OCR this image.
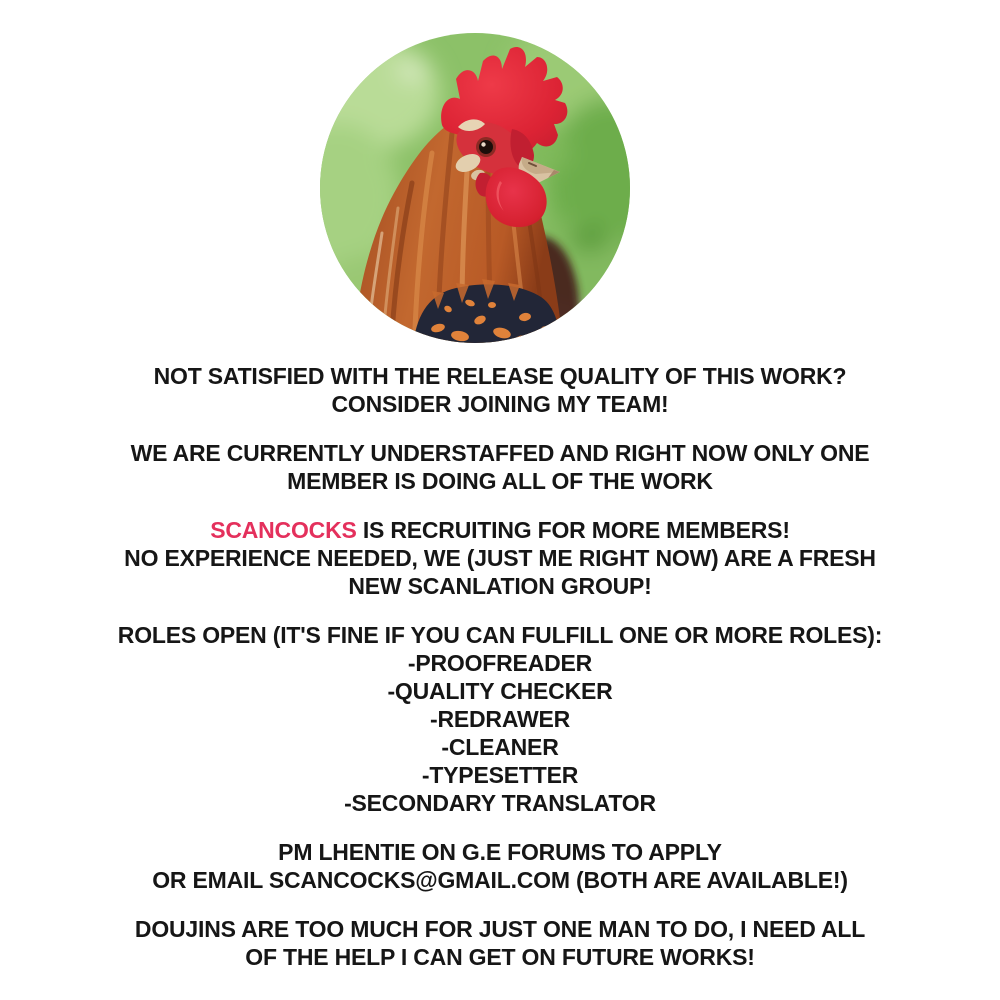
NOT SATISFIED WITH THE RELEASE QUALITY OF THIS WORK?
CONSIDER JOINING MY TEAM!

WE ARE CURRENTLY UNDERSTAFFED AND RIGHT NOW ONLY ONE
MEMBER IS DOING ALL OF THE WORK

SCANCOCKS IS RECRUITING FOR MORE MEMBERS!
NO EXPERIENCE NEEDED, WE (JUST ME RIGHT NOW) ARE A FRESH
NEW SCANLATION GROUP!

ROLES OPEN (IT'S FINE IF YOU CAN FULFILL ONE OR MORE ROLES):
-PROOFREADER
-QUALITY CHECKER
-REDRAWER
-CLEANER
-TYPESETTER
-SECONDARY TRANSLATOR

PM LHENTIE ON G.E FORUMS TO APPLY
OR EMAIL SCANCOCKS@GMAIL.COM (BOTH ARE AVAILABLE!)

DOUJINS ARE TOO MUCH FOR JUST ONE MAN TO DO, I NEED ALL
OF THE HELP I CAN GET ON FUTURE WORKS!
